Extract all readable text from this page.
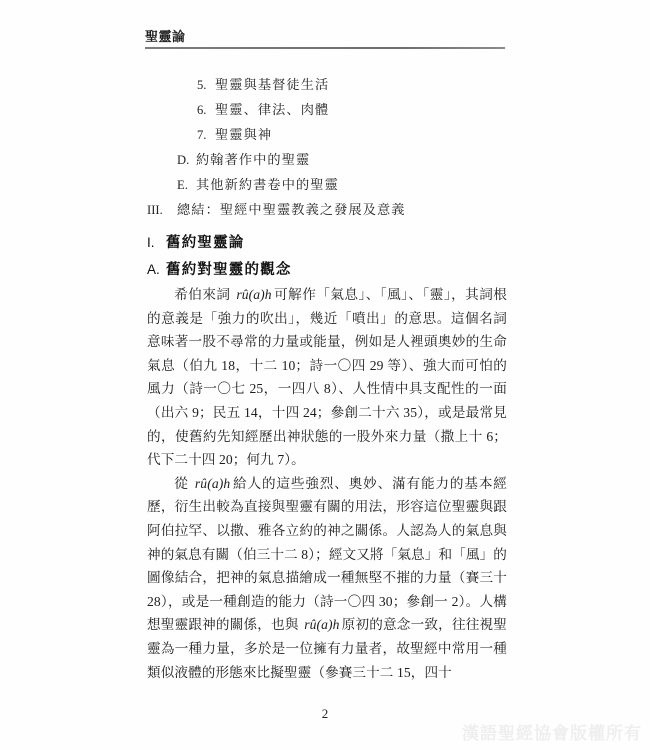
聖靈論
5. 聖靈與基督徒生活
6. 聖靈、律法、肉體
7. 聖靈與神
D. 約翰著作中的聖靈
E. 其他新約書卷中的聖靈
III.	總結：聖經中聖靈教義之發展及意義
I. 舊約聖靈論
A. 舊約對聖靈的觀念

希伯來詞 rû(a)h 可解作「氣息」、「風」、「靈」，其詞根的意義是「強力的吹出」，幾近「噴出」的意思。這個名詞意味著一股不尋常的力量或能量，例如是人裡頭奧妙的生命氣息（伯九 18，十二 10；詩一〇四 29 等）、強大而可怕的風力（詩一〇七 25，一四八 8）、人性情中具支配性的一面（出六 9；民五 14，十四 24；參創二十六 35），或是最常見的，使舊約先知經歷出神狀態的一股外來力量（撒上十 6；代下二十四 20；何九 7）。

從 rû(a)h 給人的這些強烈、奧妙、滿有能力的基本經歷，衍生出較為直接與聖靈有關的用法，形容這位聖靈與跟阿伯拉罕、以撒、雅各立約的神之關係。人認為人的氣息與神的氣息有關（伯三十二 8）；經文又將「氣息」和「風」的圖像結合，把神的氣息描繪成一種無堅不摧的力量（賽三十 28），或是一種創造的能力（詩一〇四 30；參創一 2）。人構想聖靈跟神的關係，也與 rû(a)h 原初的意念一致，往往視聖靈為一種力量，多於是一位擁有力量者，故聖經中常用一種類似液體的形態來比擬聖靈（參賽三十二 15，四十

2
漢語聖經協會版權所有
